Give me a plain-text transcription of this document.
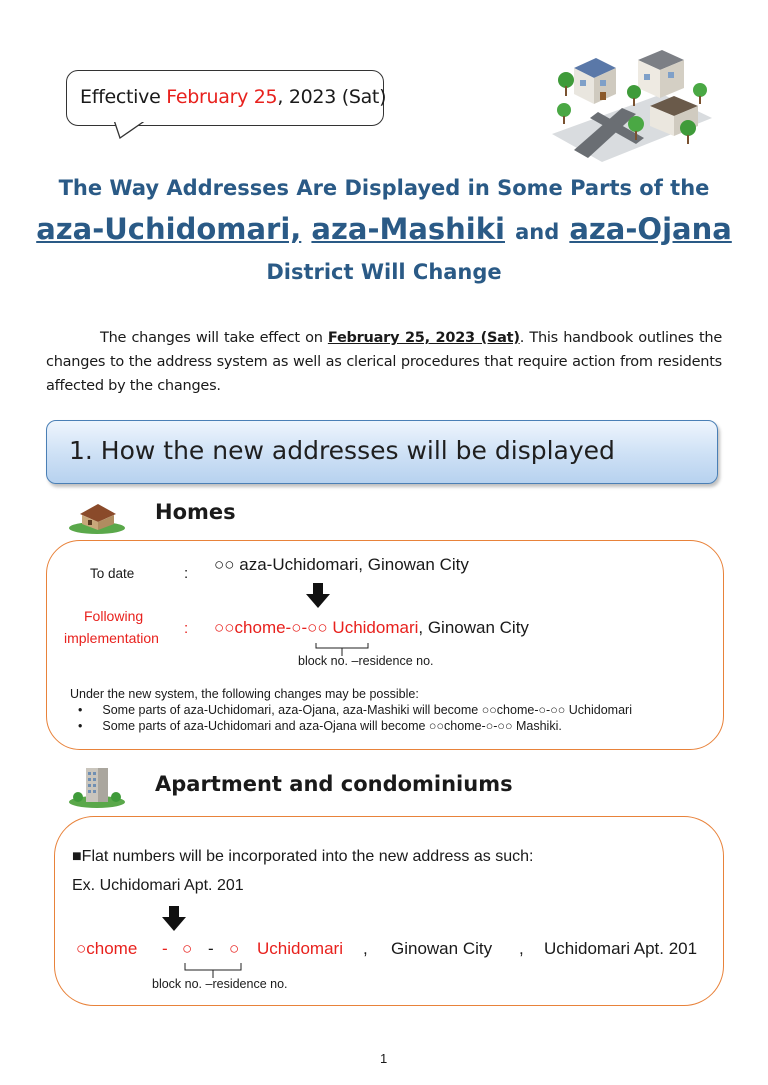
Effective February 25, 2023 (Sat)
The Way Addresses Are Displayed in Some Parts of the
aza-Uchidomari, aza-Mashiki and aza-Ojana
District Will Change
The changes will take effect on February 25, 2023 (Sat). This handbook outlines the changes to the address system as well as clerical procedures that require action from residents affected by the changes.
1. How the new addresses will be displayed
Homes
To date	: ○○ aza-Uchidomari, Ginowan City
Following
implementation
: ○○chome-○-○○ Uchidomari, Ginowan City
block no. –residence no.
Under the new system, the following changes may be possible:
• Some parts of aza-Uchidomari, aza-Ojana, aza-Mashiki will become ○○chome-○-○○ Uchidomari
• Some parts of aza-Uchidomari and aza-Ojana will become ○○chome-○-○○ Mashiki.
Apartment and condominiums
■Flat numbers will be incorporated into the new address as such:
Ex. Uchidomari Apt. 201
○chome - ○ - ○ Uchidomari , Ginowan City , Uchidomari Apt. 201
block no. –residence no.
1
